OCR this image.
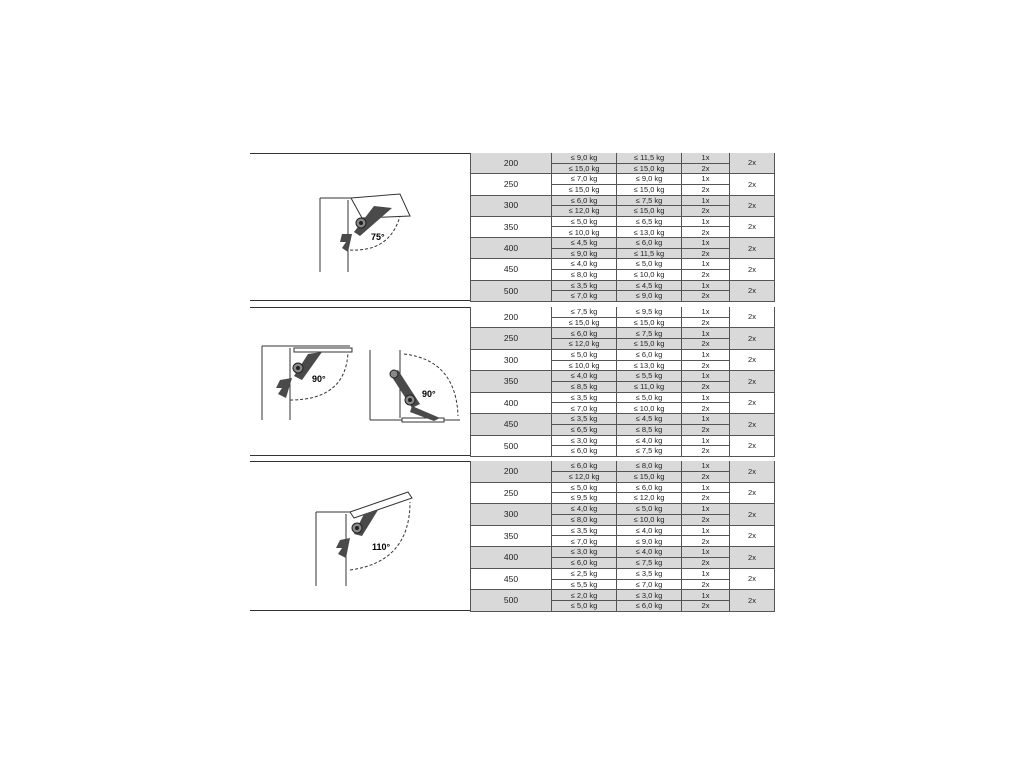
75°
200
≤ 9,0 kg
≤ 15,0 kg
≤ 11,5 kg
≤ 15,0 kg
1x
2x
2x
250
≤ 7,0 kg
≤ 15,0 kg
≤ 9,0 kg
≤ 15,0 kg
1x
2x
2x
300
≤ 6,0 kg
≤ 12,0 kg
≤ 7,5 kg
≤ 15,0 kg
1x
2x
2x
350
≤ 5,0 kg
≤ 10,0 kg
≤ 6,5 kg
≤ 13,0 kg
1x
2x
2x
400
≤ 4,5 kg
≤ 9,0 kg
≤ 6,0 kg
≤ 11,5 kg
1x
2x
2x
450
≤ 4,0 kg
≤ 8,0 kg
≤ 5,0 kg
≤ 10,0 kg
1x
2x
2x
500
≤ 3,5 kg
≤ 7,0 kg
≤ 4,5 kg
≤ 9,0 kg
1x
2x
2x
90°
90°
200
≤ 7,5 kg
≤ 15,0 kg
≤ 9,5 kg
≤ 15,0 kg
1x
2x
2x
250
≤ 6,0 kg
≤ 12,0 kg
≤ 7,5 kg
≤ 15,0 kg
1x
2x
2x
300
≤ 5,0 kg
≤ 10,0 kg
≤ 6,0 kg
≤ 13,0 kg
1x
2x
2x
350
≤ 4,0 kg
≤ 8,5 kg
≤ 5,5 kg
≤ 11,0 kg
1x
2x
2x
400
≤ 3,5 kg
≤ 7,0 kg
≤ 5,0 kg
≤ 10,0 kg
1x
2x
2x
450
≤ 3,5 kg
≤ 6,5 kg
≤ 4,5 kg
≤ 8,5 kg
1x
2x
2x
500
≤ 3,0 kg
≤ 6,0 kg
≤ 4,0 kg
≤ 7,5 kg
1x
2x
2x
110°
200
≤ 6,0 kg
≤ 12,0 kg
≤ 8,0 kg
≤ 15,0 kg
1x
2x
2x
250
≤ 5,0 kg
≤ 9,5 kg
≤ 6,0 kg
≤ 12,0 kg
1x
2x
2x
300
≤ 4,0 kg
≤ 8,0 kg
≤ 5,0 kg
≤ 10,0 kg
1x
2x
2x
350
≤ 3,5 kg
≤ 7,0 kg
≤ 4,0 kg
≤ 9,0 kg
1x
2x
2x
400
≤ 3,0 kg
≤ 6,0 kg
≤ 4,0 kg
≤ 7,5 kg
1x
2x
2x
450
≤ 2,5 kg
≤ 5,5 kg
≤ 3,5 kg
≤ 7,0 kg
1x
2x
2x
500
≤ 2,0 kg
≤ 5,0 kg
≤ 3,0 kg
≤ 6,0 kg
1x
2x
2x
